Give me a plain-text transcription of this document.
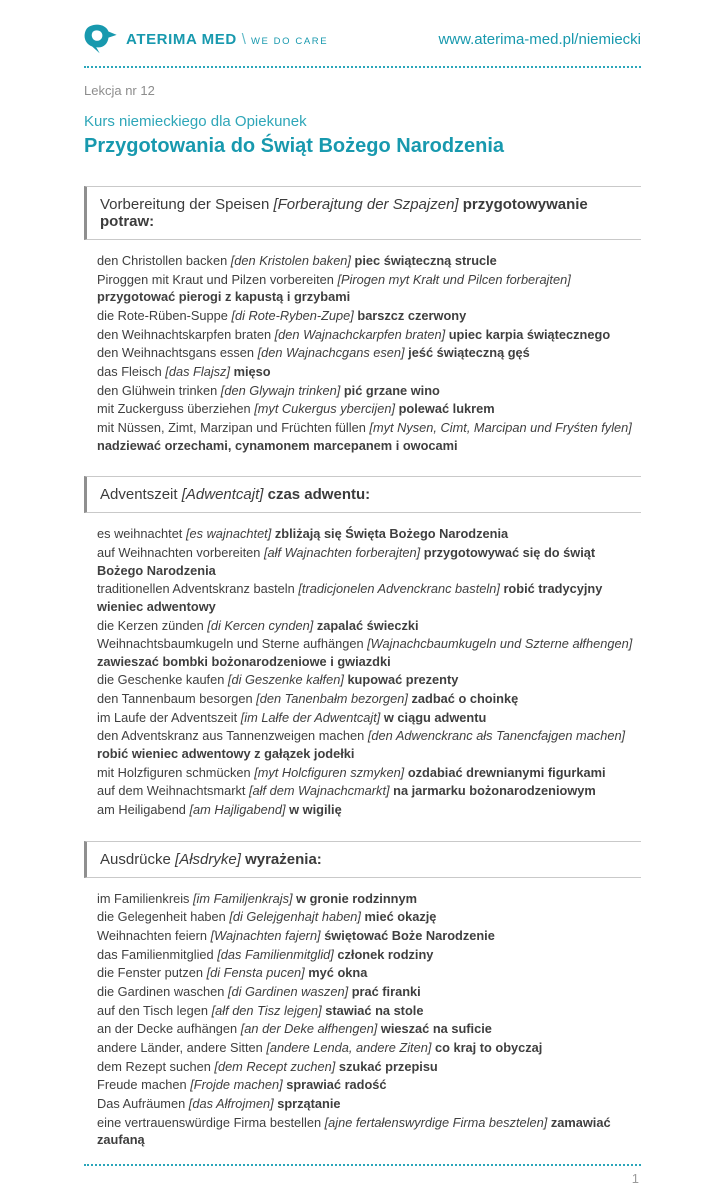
ATERIMA MED \ WE DO CARE	www.aterima-med.pl/niemiecki
Lekcja nr 12
Kurs niemieckiego dla Opiekunek
Przygotowania do Świąt Bożego Narodzenia
Vorbereitung der Speisen [Forberajtung der Szpajzen] przygotowywanie potraw:
den Christollen backen [den Kristolen baken] piec świąteczną strucle
Piroggen mit Kraut und Pilzen vorbereiten [Pirogen myt Krałt und Pilcen forberajten] przygotować pierogi z kapustą i grzybami
die Rote-Rüben-Suppe [di Rote-Ryben-Zupe] barszcz czerwony
den Weihnachtskarpfen braten [den Wajnachckarpfen braten] upiec karpia świątecznego
den Weihnachtsgans essen [den Wajnachcgans esen] jeść świąteczną gęś
das Fleisch [das Flajsz] mięso
den Glühwein trinken [den Glywajn trinken] pić grzane wino
mit Zuckerguss überziehen [myt Cukergus ybercijen] polewać lukrem
mit Nüssen, Zimt, Marzipan und Früchten füllen [myt Nysen, Cimt, Marcipan und Fryśten fylen] nadziewać orzechami, cynamonem marcepanem i owocami
Adventszeit [Adwentcajt] czas adwentu:
es weihnachtet [es wajnachtet] zbliżają się Święta Bożego Narodzenia
auf Weihnachten vorbereiten [ałf Wajnachten forberajten] przygotowywać się do świąt Bożego Narodzenia
traditionellen Adventskranz basteln [tradicjonelen Advenckranc basteln] robić tradycyjny wieniec adwentowy
die Kerzen zünden [di Kercen cynden] zapalać świeczki
Weihnachtsbaumkugeln und Sterne aufhängen [Wajnachcbaumkugeln und Szterne ałfhengen] zawieszać bombki bożonarodzeniowe i gwiazdki
die Geschenke kaufen [di Geszenke kałfen] kupować prezenty
den Tannenbaum besorgen [den Tanenbałm bezorgen] zadbać o choinkę
im Laufe der Adventszeit [im Lałfe der Adwentcajt] w ciągu adwentu
den Adventskranz aus Tannenzweigen machen [den Adwenckranc ałs Tanencfajgen machen] robić wieniec adwentowy z gałązek jodełki
mit Holzfiguren schmücken [myt Holcfiguren szmyken] ozdabiać drewnianymi figurkami
auf dem Weihnachtsmarkt [ałf dem Wajnachcmarkt] na jarmarku bożonarodzeniowym
am Heiligabend [am Hajligabend] w wigilię
Ausdrücke [Ałsdryke] wyrażenia:
im Familienkreis [im Familjenkrajs] w gronie rodzinnym
die Gelegenheit haben [di Gelejgenhajt haben] mieć okazję
Weihnachten feiern [Wajnachten fajern] świętować Boże Narodzenie
das Familienmitglied [das Familienmitglid] członek rodziny
die Fenster putzen [di Fensta pucen] myć okna
die Gardinen waschen [di Gardinen waszen] prać firanki
auf den Tisch legen [ałf den Tisz lejgen] stawiać na stole
an der Decke aufhängen [an der Deke ałfhengen] wieszać na suficie
andere Länder, andere Sitten [andere Lenda, andere Ziten] co kraj to obyczaj
dem Rezept suchen [dem Recept zuchen] szukać przepisu
Freude machen [Frojde machen] sprawiać radość
Das Aufräumen [das Ałfrojmen] sprzątanie
eine vertrauenswürdige Firma bestellen [ajne fertałenswyrdige Firma besztelen] zamawiać zaufaną
1
